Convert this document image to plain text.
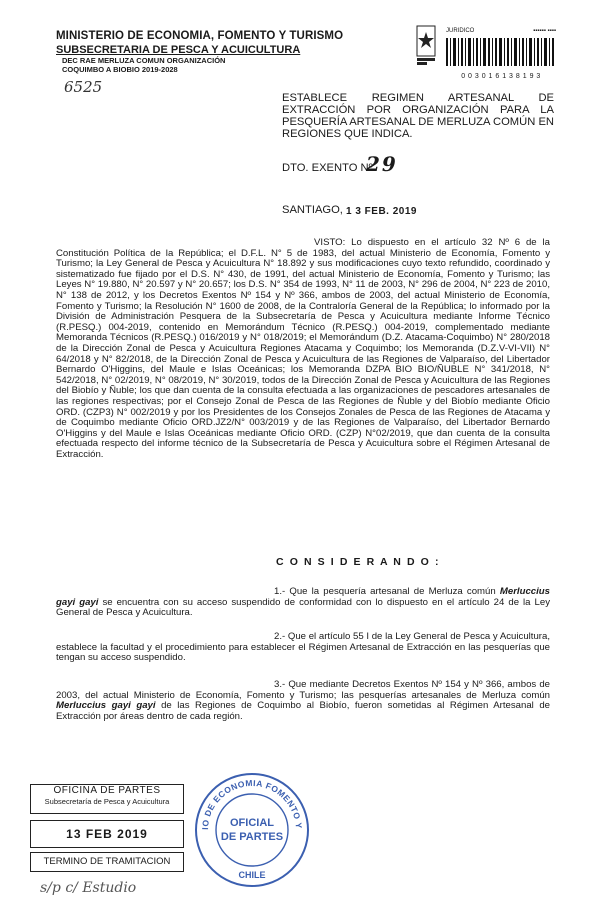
MINISTERIO DE ECONOMIA, FOMENTO Y TURISMO
SUBSECRETARIA DE PESCA Y ACUICULTURA
DEC RAE MERLUZA COMUN ORGANIZACIÓN
COQUIMBO A BIOBIO 2019-2028
6525
JURIDICO	▪▪▪▪▪▪ ▪▪▪▪
0 0 3 0 1 6 1 3 8 1 9 3
ESTABLECE REGIMEN ARTESANAL DE EXTRACCIÓN POR ORGANIZACIÓN PARA LA PESQUERÍA ARTESANAL DE MERLUZA COMÚN EN REGIONES QUE INDICA.
DTO. EXENTO Nº
29
SANTIAGO, 1 3 FEB. 2019
VISTO: Lo dispuesto en el artículo 32 Nº 6 de la Constitución Política de la República; el D.F.L. N° 5 de 1983, del actual Ministerio de Economía, Fomento y Turismo; la Ley General de Pesca y Acuicultura N° 18.892 y sus modificaciones cuyo texto refundido, coordinado y sistematizado fue fijado por el D.S. N° 430, de 1991, del actual Ministerio de Economía, Fomento y Turismo; las Leyes N° 19.880, N° 20.597 y N° 20.657; los D.S. N° 354 de 1993, N° 11 de 2003, N° 296 de 2004, N° 223 de 2010, N° 138 de 2012, y los Decretos Exentos Nº 154 y Nº 366, ambos de 2003, del actual Ministerio de Economía, Fomento y Turismo; la Resolución N° 1600 de 2008, de la Contraloría General de la República; lo informado por la División de Administración Pesquera de la Subsecretaría de Pesca y Acuicultura mediante Informe Técnico (R.PESQ.) 004-2019, contenido en Memorándum Técnico (R.PESQ.) 004-2019, complementado mediante Memoranda Técnicos (R.PESQ.) 016/2019 y N° 018/2019; el Memorándum (D.Z. Atacama-Coquimbo) N° 280/2018 de la Dirección Zonal de Pesca y Acuicultura Regiones Atacama y Coquimbo; los Memoranda (D.Z.V-VI-VII) N° 64/2018 y N° 82/2018, de la Dirección Zonal de Pesca y Acuicultura de las Regiones de Valparaíso, del Libertador Bernardo O'Higgins, del Maule e Islas Oceánicas; los Memoranda DZPA BIO BIO/ÑUBLE N° 341/2018, N° 542/2018, N° 02/2019, N° 08/2019, N° 30/2019, todos de la Dirección Zonal de Pesca y Acuicultura de las Regiones del Biobío y Ñuble; los que dan cuenta de la consulta efectuada a las organizaciones de pescadores artesanales de las regiones respectivas; por el Consejo Zonal de Pesca de las Regiones de Ñuble y del Biobío mediante Oficio ORD. (CZP3) N° 002/2019 y por los Presidentes de los Consejos Zonales de Pesca de las Regiones de Atacama y de Coquimbo mediante Oficio ORD.JZ2/N° 003/2019 y de las Regiones de Valparaíso, del Libertador Bernardo O'Higgins y del Maule e Islas Oceánicas mediante Oficio ORD. (CZP) N°02/2019, que dan cuenta de la consulta efectuada respecto del informe técnico de la Subsecretaría de Pesca y Acuicultura sobre el Régimen Artesanal de Extracción.
C O N S I D E R A N D O :
1.- Que la pesquería artesanal de Merluza común Merluccius gayi gayi se encuentra con su acceso suspendido de conformidad con lo dispuesto en el artículo 24 de la Ley General de Pesca y Acuicultura.
2.- Que el artículo 55 I de la Ley General de Pesca y Acuicultura, establece la facultad y el procedimiento para establecer el Régimen Artesanal de Extracción en las pesquerías que tengan su acceso suspendido.
3.- Que mediante Decretos Exentos Nº 154 y Nº 366, ambos de 2003, del actual Ministerio de Economía, Fomento y Turismo; las pesquerías artesanales de Merluza común Merluccius gayi gayi de las Regiones de Coquimbo al Biobío, fueron sometidas al Régimen Artesanal de Extracción por áreas dentro de cada región.
OFICINA DE PARTES
Subsecretaría de Pesca y Acuicultura
13 FEB 2019
TERMINO DE TRAMITACION
IO DE ECONOMIA FOMENTO Y
OFICIAL
DE PARTES
CHILE
s/p c/ Estudio
